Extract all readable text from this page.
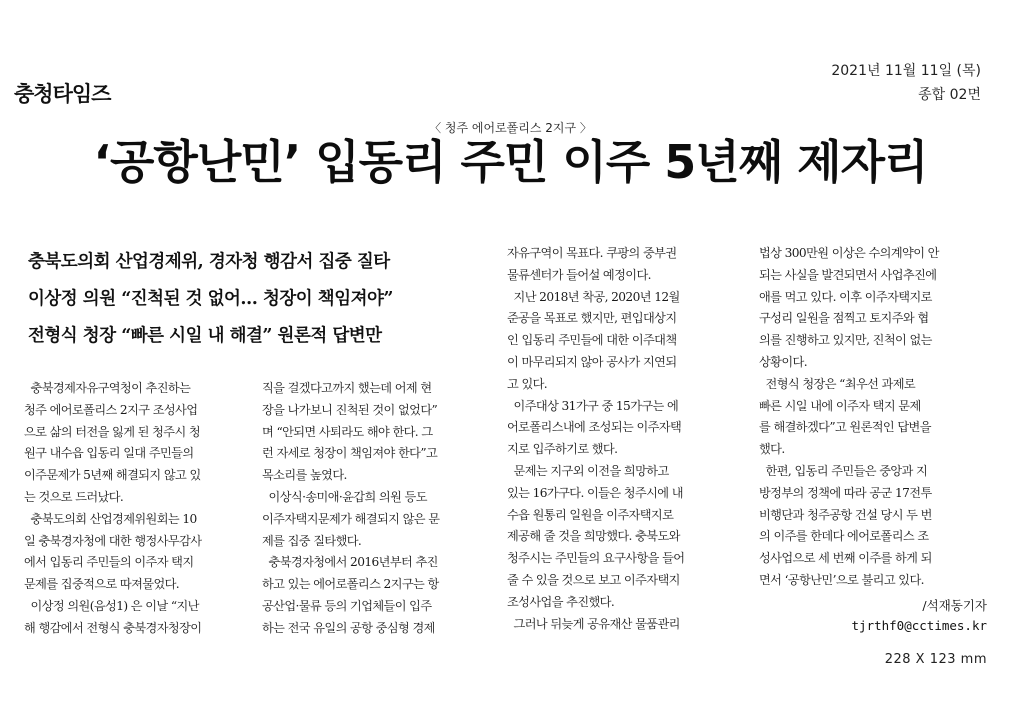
충청타임즈
2021년 11월 11일 (목)
종합 02면
〈 청주 에어로폴리스 2지구 〉
‘공항난민’ 입동리 주민 이주 5년째 제자리
충북도의회 산업경제위, 경자청 행감서 집중 질타
이상정 의원 “진척된 것 없어… 청장이 책임져야”
전형식 청장 “빠른 시일 내 해결” 원론적 답변만
충북경제자유구역청이 추진하는
청주 에어로폴리스 2지구 조성사업
으로 삶의 터전을 잃게 된 청주시 청
원구 내수읍 입동리 일대 주민들의
이주문제가 5년째 해결되지 않고 있
는 것으로 드러났다.
충북도의회 산업경제위원회는 10
일 충북경자청에 대한 행정사무감사
에서 입동리 주민들의 이주자 택지
문제를 집중적으로 따져물었다.
이상정 의원(음성1) 은 이날 “지난
해 행감에서 전형식 충북경자청장이
직을 걸겠다고까지 했는데 어제 현
장을 나가보니 진척된 것이 없었다”
며 “안되면 사퇴라도 해야 한다. 그
런 자세로 청장이 책임져야 한다”고
목소리를 높였다.
이상식·송미애·윤갑희 의원 등도
이주자택지문제가 해결되지 않은 문
제를 집중 질타했다.
충북경자청에서 2016년부터 추진
하고 있는 에어로폴리스 2지구는 항
공산업·물류 등의 기업체들이 입주
하는 전국 유일의 공항 중심형 경제
자유구역이 목표다. 쿠팡의 중부권
물류센터가 들어설 예정이다.
지난 2018년 착공, 2020년 12월
준공을 목표로 했지만, 편입대상지
인 입동리 주민들에 대한 이주대책
이 마무리되지 않아 공사가 지연되
고 있다.
이주대상 31가구 중 15가구는 에
어로폴리스내에 조성되는 이주자택
지로 입주하기로 했다.
문제는 지구외 이전을 희망하고
있는 16가구다. 이들은 청주시에 내
수읍 원통리 일원을 이주자택지로
제공해 줄 것을 희망했다. 충북도와
청주시는 주민들의 요구사항을 들어
줄 수 있을 것으로 보고 이주자택지
조성사업을 추진했다.
그러나 뒤늦게 공유재산 물품관리
법상 300만원 이상은 수의계약이 안
되는 사실을 발견되면서 사업추진에
애를 먹고 있다. 이후 이주자택지로
구성리 일원을 점찍고 토지주와 협
의를 진행하고 있지만, 진척이 없는
상황이다.
전형식 청장은 “최우선 과제로
빠른 시일 내에 이주자 택지 문제
를 해결하겠다”고 원론적인 답변을
했다.
한편, 입동리 주민들은 중앙과 지
방정부의 정책에 따라 공군 17전투
비행단과 청주공항 건설 당시 두 번
의 이주를 한데다 에어로폴리스 조
성사업으로 세 번째 이주를 하게 되
면서 ‘공항난민’으로 불리고 있다.
/석재동기자
tjrthf0@cctimes.kr
228 X 123 mm
